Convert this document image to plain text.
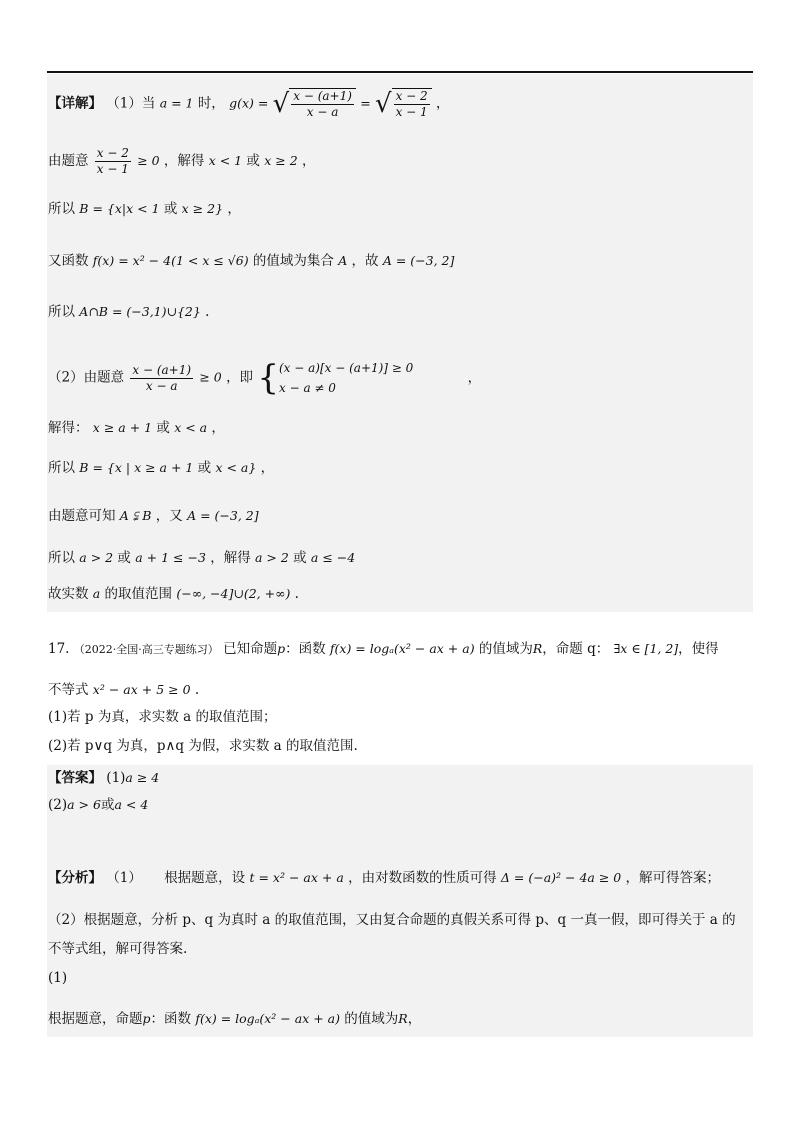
【详解】 （1）当 a = 1 时， g(x) = √ $\frac{x - (a+1)}{x - a}$ = √ $\frac{x - 2}{x - 1}$ ，
由题意 $\frac{x - 2}{x - 1} \ge 0$ ，解得 x < 1 或 x ≥ 2 ，
所以 B = {x|x < 1 或 x ≥ 2} ，
又函数 f(x) = x² − 4(1 < x ≤ √6) 的值域为集合 A ，故 A = (−3, 2]
所以 A∩B = (−3,1)∪{2} .
（2）由题意 $\frac{x - (a+1)}{x - a} \ge 0$ ，即 { (x − a)[x − (a+1)] ≥ 0
x − a ≠ 0
，
解得： x ≥ a + 1 或 x < a ，
所以 B = {x | x ≥ a + 1 或 x < a} ，
由题意可知 A ⫋ B ，又 A = (−3, 2]
所以 a > 2 或 a + 1 ≤ −3 ，解得 a > 2 或 a ≤ −4
故实数 a 的取值范围 (−∞, −4]∪(2, +∞) .
17. （2022·全国·高三专题练习） 已知命题p：函数 f(x) = logₐ(x² − ax + a) 的值域为R，命题 q： ∃x ∈ [1, 2]，使得
不等式 x² − ax + 5 ≥ 0 .
(1)若 p 为真，求实数 a 的取值范围；
(2)若 p∨q 为真，p∧q 为假，求实数 a 的取值范围.
【答案】 (1)a ≥ 4
(2)a > 6或a < 4
【分析】 （1） 根据题意，设 t = x² − ax + a ，由对数函数的性质可得 Δ = (−a)² − 4a ≥ 0 ，解可得答案；
（2）根据题意，分析 p、q 为真时 a 的取值范围，又由复合命题的真假关系可得 p、q 一真一假，即可得关于 a 的
不等式组，解可得答案.
(1)
根据题意，命题p：函数 f(x) = logₐ(x² − ax + a) 的值域为R，
